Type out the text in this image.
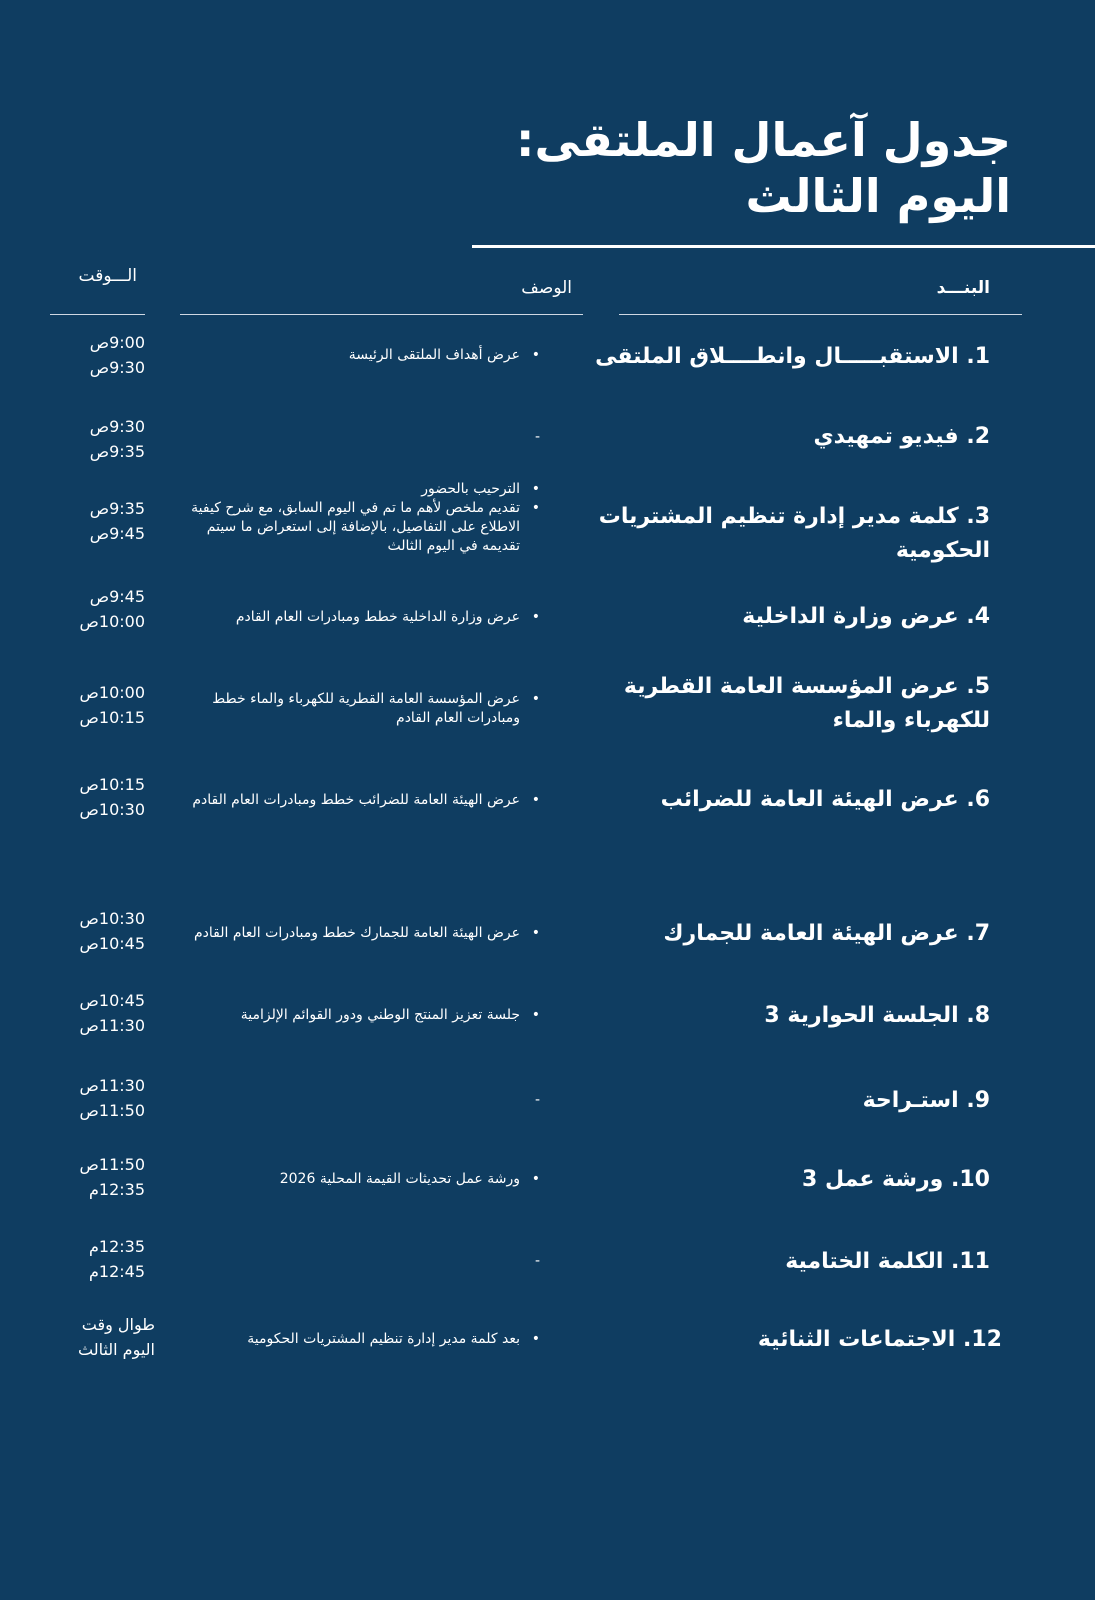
جدول آعمال الملتقى: اليوم الثالث
البنـــد
الوصف
الـــوقت
1. الاستقبـــــال وانطــــلاق الملتقى
• عرض أهداف الملتقى الرئيسة
9:00ص
9:30ص
2. فيديو تمهيدي
-
9:30ص
9:35ص
3. كلمة مدير إدارة تنظيم المشتريات الحكومية
• الترحيب بالحضور
• تقديم ملخص لأهم ما تم في اليوم السابق، مع شرح كيفية الاطلاع على التفاصيل، بالإضافة إلى استعراض ما سيتم تقديمه في اليوم الثالث
9:35ص
9:45ص
4. عرض وزارة الداخلية
• عرض وزارة الداخلية خطط ومبادرات العام القادم
9:45ص
10:00ص
5. عرض المؤسسة العامة القطرية للكهرباء والماء
• عرض المؤسسة العامة القطرية للكهرباء والماء خطط ومبادرات العام القادم
10:00ص
10:15ص
6. عرض الهيئة العامة للضرائب
• عرض الهيئة العامة للضرائب خطط ومبادرات العام القادم
10:15ص
10:30ص
7. عرض الهيئة العامة للجمارك
• عرض الهيئة العامة للجمارك خطط ومبادرات العام القادم
10:30ص
10:45ص
8. الجلسة الحوارية 3
• جلسة تعزيز المنتج الوطني ودور القوائم الإلزامية
10:45ص
11:30ص
9. استـراحة
-
11:30ص
11:50ص
10. ورشة عمل 3
• ورشة عمل تحديثات القيمة المحلية 2026
11:50ص
12:35م
11. الكلمة الختامية
-
12:35م
12:45م
12. الاجتماعات الثنائية
• بعد كلمة مدير إدارة تنظيم المشتريات الحكومية
طوال وقت
اليوم الثالث
